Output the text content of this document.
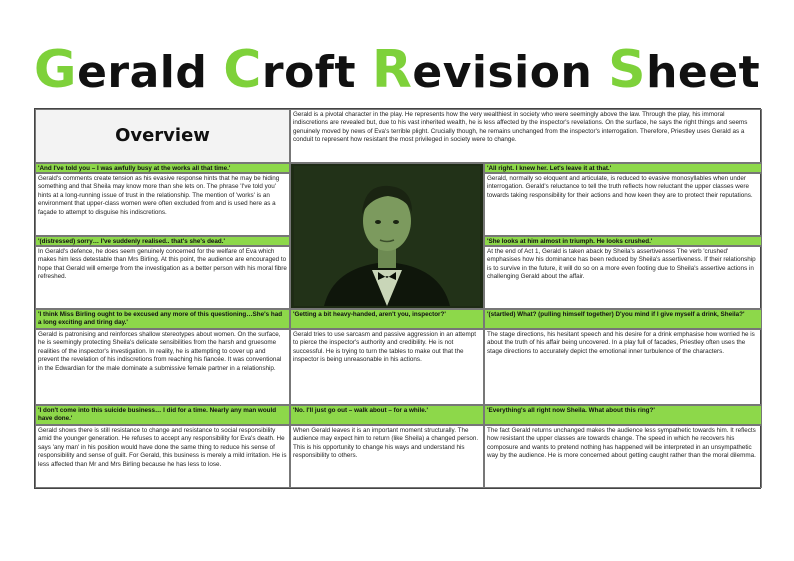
Gerald Croft Revision Sheet
Overview
Gerald is a pivotal character in the play. He represents how the very wealthiest in society who were seemingly above the law. Through the play, his immoral indiscretions are revealed but, due to his vast inherited wealth, he is less affected by the inspector's revelations. On the surface, he says the right things and seems genuinely moved by news of Eva's terrible plight. Crucially though, he remains unchanged from the inspector's interrogation. Therefore, Priestley uses Gerald as a conduit to represent how resistant the most privileged in society were to change.
'And I've told you – I was awfully busy at the works all that time.'
Gerald's comments create tension as his evasive response hints that he may be hiding something and that Sheila may know more than she lets on. The phrase 'I've told you' hints at a long-running issue of trust in the relationship. The mention of 'works' is an environment that upper-class women were often excluded from and is used here as a façade to attempt to disguise his indiscretions.
'All right. I knew her. Let's leave it at that.'
Gerald, normally so eloquent and articulate, is reduced to evasive monosyllables when under interrogation. Gerald's reluctance to tell the truth reflects how reluctant the upper classes were towards taking responsibility for their actions and how keen they are to protect their reputations.
'(distressed) sorry… I've suddenly realised.. that's she's dead.'
In Gerald's defence, he does seem genuinely concerned for the welfare of Eva which makes him less detestable than Mrs Birling. At this point, the audience are encouraged to hope that Gerald will emerge from the investigation as a better person with his moral fibre refreshed.
'She looks at him almost in triumph. He looks crushed.'
At the end of Act 1, Gerald is taken aback by Sheila's assertiveness The verb 'crushed' emphasises how his dominance has been reduced by Sheila's assertiveness. If their relationship is to survive in the future, it will do so on a more even footing due to Sheila's assertive actions in challenging Gerald about the affair.
'I think Miss Birling ought to be excused any more of this questioning…She's had a long exciting and tiring day.'
Gerald is patronising and reinforces shallow stereotypes about women. On the surface, he is seemingly protecting Sheila's delicate sensibilities from the harsh and gruesome realities of the inspector's investigation. In reality, he is attempting to cover up and prevent the revelation of his indiscretions from reaching his fiancée. It was conventional in the Edwardian for the male dominate a submissive female partner in a relationship.
'Getting a bit heavy-handed, aren't you, inspector?'
Gerald tries to use sarcasm and passive aggression in an attempt to pierce the inspector's authority and credibility. He is not successful. He is trying to turn the tables to make out that the inspector is being unreasonable in his actions.
'(startled) What? (pulling himself together) D'you mind if I give myself a drink, Sheila?'
The stage directions, his hesitant speech and his desire for a drink emphasise how worried he is about the truth of his affair being uncovered. In a play full of facades, Priestley often uses the stage directions to accurately depict the emotional inner turbulence of the characters.
'I don't come into this suicide business… I did for a time. Nearly any man would have done.'
Gerald shows there is still resistance to change and resistance to social responsibility amid the younger generation. He refuses to accept any responsibility for Eva's death. He says 'any man' in his position would have done the same thing to reduce his sense of responsibility and sense of guilt. For Gerald, this business is merely a mild irritation. He is less affected than Mr and Mrs Birling because he has less to lose.
'No. I'll just go out – walk about – for a while.'
When Gerald leaves it is an important moment structurally. The audience may expect him to return (like Sheila) a changed person. This is his opportunity to change his ways and understand his responsibility to others.
'Everything's all right now Sheila. What about this ring?'
The fact Gerald returns unchanged makes the audience less sympathetic towards him. It reflects how resistant the upper classes are towards change. The speed in which he recovers his composure and wants to pretend nothing has happened will be interpreted in an unsympathetic way by the audience. He is more concerned about getting caught rather than the moral dilemma.
